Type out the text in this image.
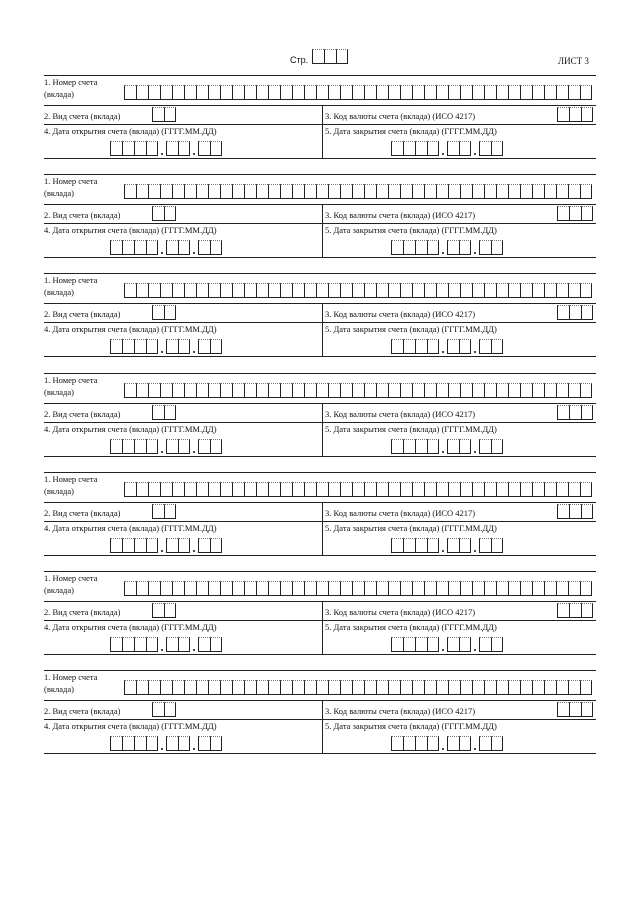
Стр.	ЛИСТ 3
1. Номер счета
(вклада)
2. Вид счета (вклада)	3. Код валюты счета (вклада) (ИСО 4217)
4. Дата открытия счета (вклада) (ГГГГ.ММ.ДД)	5. Дата закрытия счета (вклада) (ГГГГ.ММ.ДД)
1. Номер счета
(вклада)
2. Вид счета (вклада)	3. Код валюты счета (вклада) (ИСО 4217)
4. Дата открытия счета (вклада) (ГГГГ.ММ.ДД)	5. Дата закрытия счета (вклада) (ГГГГ.ММ.ДД)
1. Номер счета
(вклада)
2. Вид счета (вклада)	3. Код валюты счета (вклада) (ИСО 4217)
4. Дата открытия счета (вклада) (ГГГГ.ММ.ДД)	5. Дата закрытия счета (вклада) (ГГГГ.ММ.ДД)
1. Номер счета
(вклада)
2. Вид счета (вклада)	3. Код валюты счета (вклада) (ИСО 4217)
4. Дата открытия счета (вклада) (ГГГГ.ММ.ДД)	5. Дата закрытия счета (вклада) (ГГГГ.ММ.ДД)
1. Номер счета
(вклада)
2. Вид счета (вклада)	3. Код валюты счета (вклада) (ИСО 4217)
4. Дата открытия счета (вклада) (ГГГГ.ММ.ДД)	5. Дата закрытия счета (вклада) (ГГГГ.ММ.ДД)
1. Номер счета
(вклада)
2. Вид счета (вклада)	3. Код валюты счета (вклада) (ИСО 4217)
4. Дата открытия счета (вклада) (ГГГГ.ММ.ДД)	5. Дата закрытия счета (вклада) (ГГГГ.ММ.ДД)
1. Номер счета
(вклада)
2. Вид счета (вклада)	3. Код валюты счета (вклада) (ИСО 4217)
4. Дата открытия счета (вклада) (ГГГГ.ММ.ДД)	5. Дата закрытия счета (вклада) (ГГГГ.ММ.ДД)
